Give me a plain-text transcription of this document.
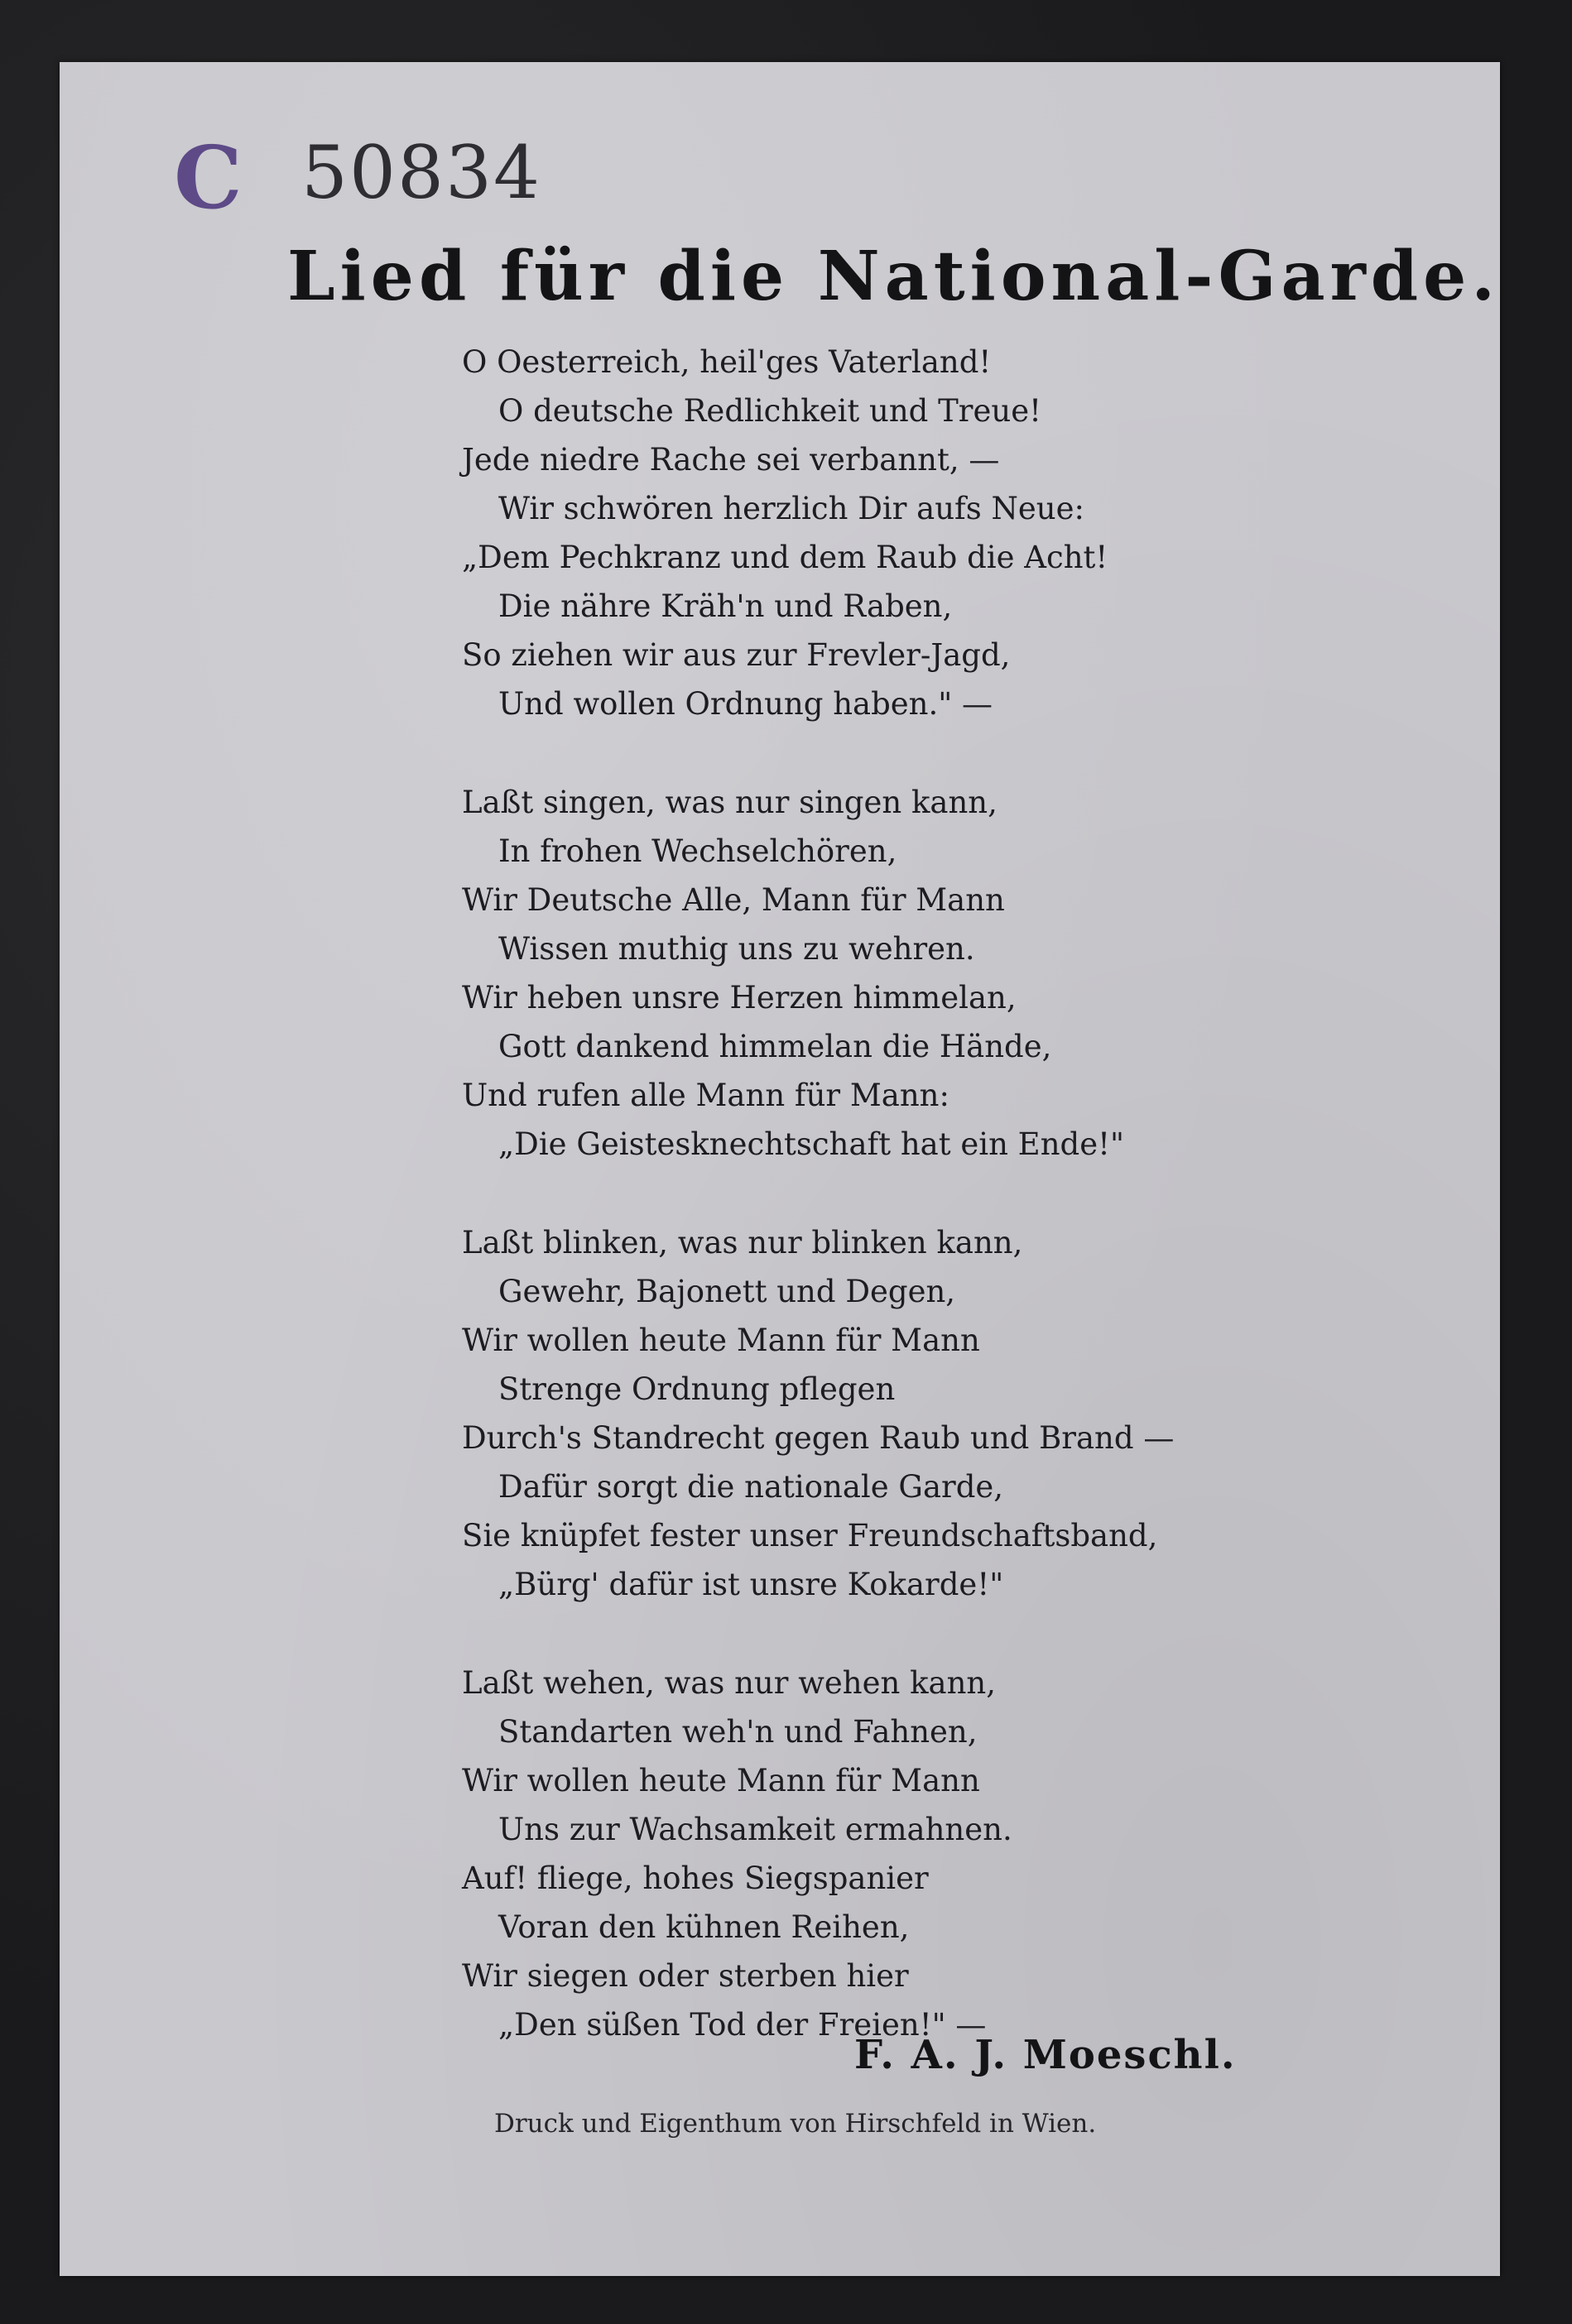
C 50834
Lied für die National-Garde.
O Oesterreich, heil'ges Vaterland!
O deutsche Redlichkeit und Treue!
Jede niedre Rache sei verbannt, —
Wir schwören herzlich Dir aufs Neue:
„Dem Pechkranz und dem Raub die Acht!
Die nähre Kräh'n und Raben,
So ziehen wir aus zur Frevler-Jagd,
Und wollen Ordnung haben." —
Laßt singen, was nur singen kann,
In frohen Wechselchören,
Wir Deutsche Alle, Mann für Mann
Wissen muthig uns zu wehren.
Wir heben unsre Herzen himmelan,
Gott dankend himmelan die Hände,
Und rufen alle Mann für Mann:
„Die Geistesknechtschaft hat ein Ende!"
Laßt blinken, was nur blinken kann,
Gewehr, Bajonett und Degen,
Wir wollen heute Mann für Mann
Strenge Ordnung pflegen
Durch's Standrecht gegen Raub und Brand —
Dafür sorgt die nationale Garde,
Sie knüpfet fester unser Freundschaftsband,
„Bürg' dafür ist unsre Kokarde!"
Laßt wehen, was nur wehen kann,
Standarten weh'n und Fahnen,
Wir wollen heute Mann für Mann
Uns zur Wachsamkeit ermahnen.
Auf! fliege, hohes Siegspanier
Voran den kühnen Reihen,
Wir siegen oder sterben hier
„Den süßen Tod der Freien!" —
F. A. J. Moeschl.
Druck und Eigenthum von Hirschfeld in Wien.
